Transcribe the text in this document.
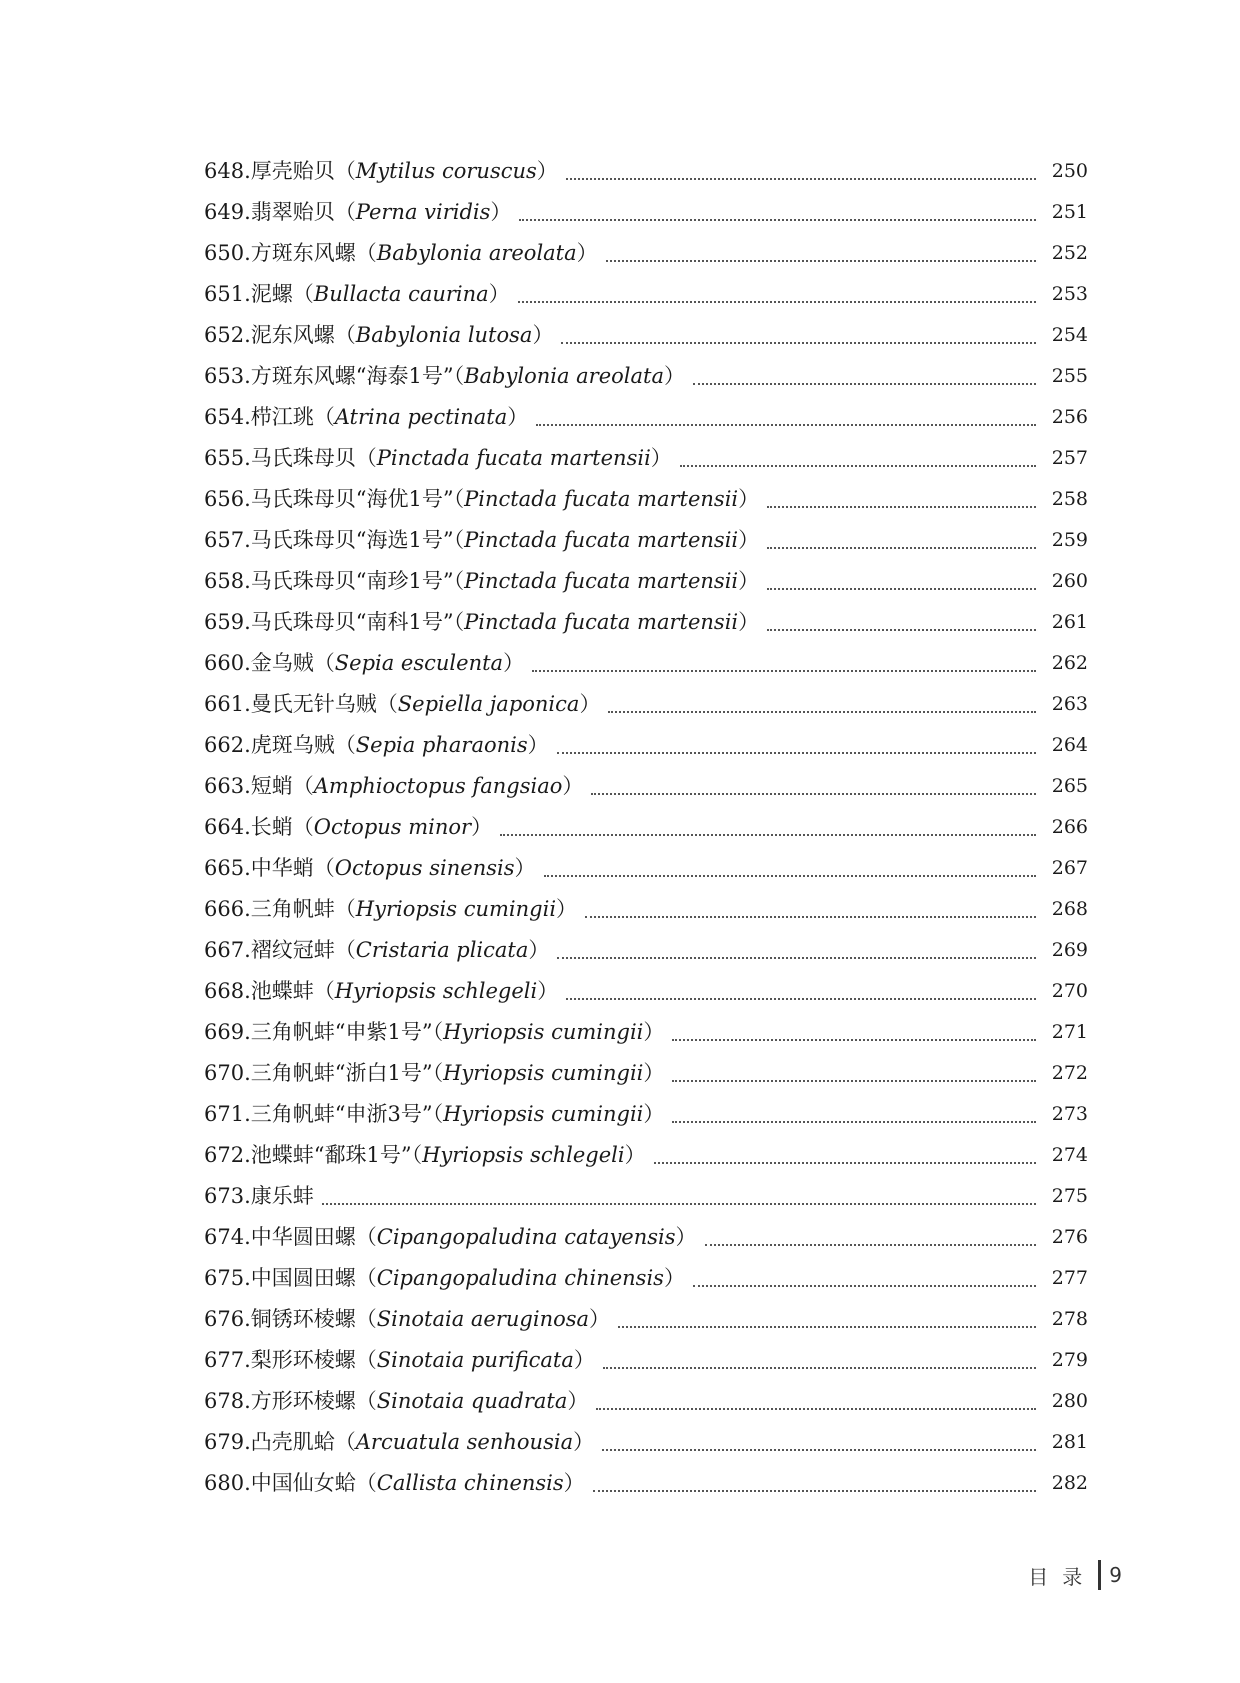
648.厚壳贻贝（Mytilus coruscus）	250
649.翡翠贻贝（Perna viridis）	251
650.方斑东风螺（Babylonia areolata）	252
651.泥螺（Bullacta caurina）	253
652.泥东风螺（Babylonia lutosa）	254
653.方斑东风螺“海泰1号”（Babylonia areolata）	255
654.栉江珧（Atrina pectinata）	256
655.马氏珠母贝（Pinctada fucata martensii）	257
656.马氏珠母贝“海优1号”（Pinctada fucata martensii）	258
657.马氏珠母贝“海选1号”（Pinctada fucata martensii）	259
658.马氏珠母贝“南珍1号”（Pinctada fucata martensii）	260
659.马氏珠母贝“南科1号”（Pinctada fucata martensii）	261
660.金乌贼（Sepia esculenta）	262
661.曼氏无针乌贼（Sepiella japonica）	263
662.虎斑乌贼（Sepia pharaonis）	264
663.短蛸（Amphioctopus fangsiao）	265
664.长蛸（Octopus minor）	266
665.中华蛸（Octopus sinensis）	267
666.三角帆蚌（Hyriopsis cumingii）	268
667.褶纹冠蚌（Cristaria plicata）	269
668.池蝶蚌（Hyriopsis schlegeli）	270
669.三角帆蚌“申紫1号”（Hyriopsis cumingii）	271
670.三角帆蚌“浙白1号”（Hyriopsis cumingii）	272
671.三角帆蚌“申浙3号”（Hyriopsis cumingii）	273
672.池蝶蚌“鄱珠1号”（Hyriopsis schlegeli）	274
673.康乐蚌	275
674.中华圆田螺（Cipangopaludina catayensis）	276
675.中国圆田螺（Cipangopaludina chinensis）	277
676.铜锈环棱螺（Sinotaia aeruginosa）	278
677.梨形环棱螺（Sinotaia purificata）	279
678.方形环棱螺（Sinotaia quadrata）	280
679.凸壳肌蛤（Arcuatula senhousia）	281
680.中国仙女蛤（Callista chinensis）	282
目录 9
